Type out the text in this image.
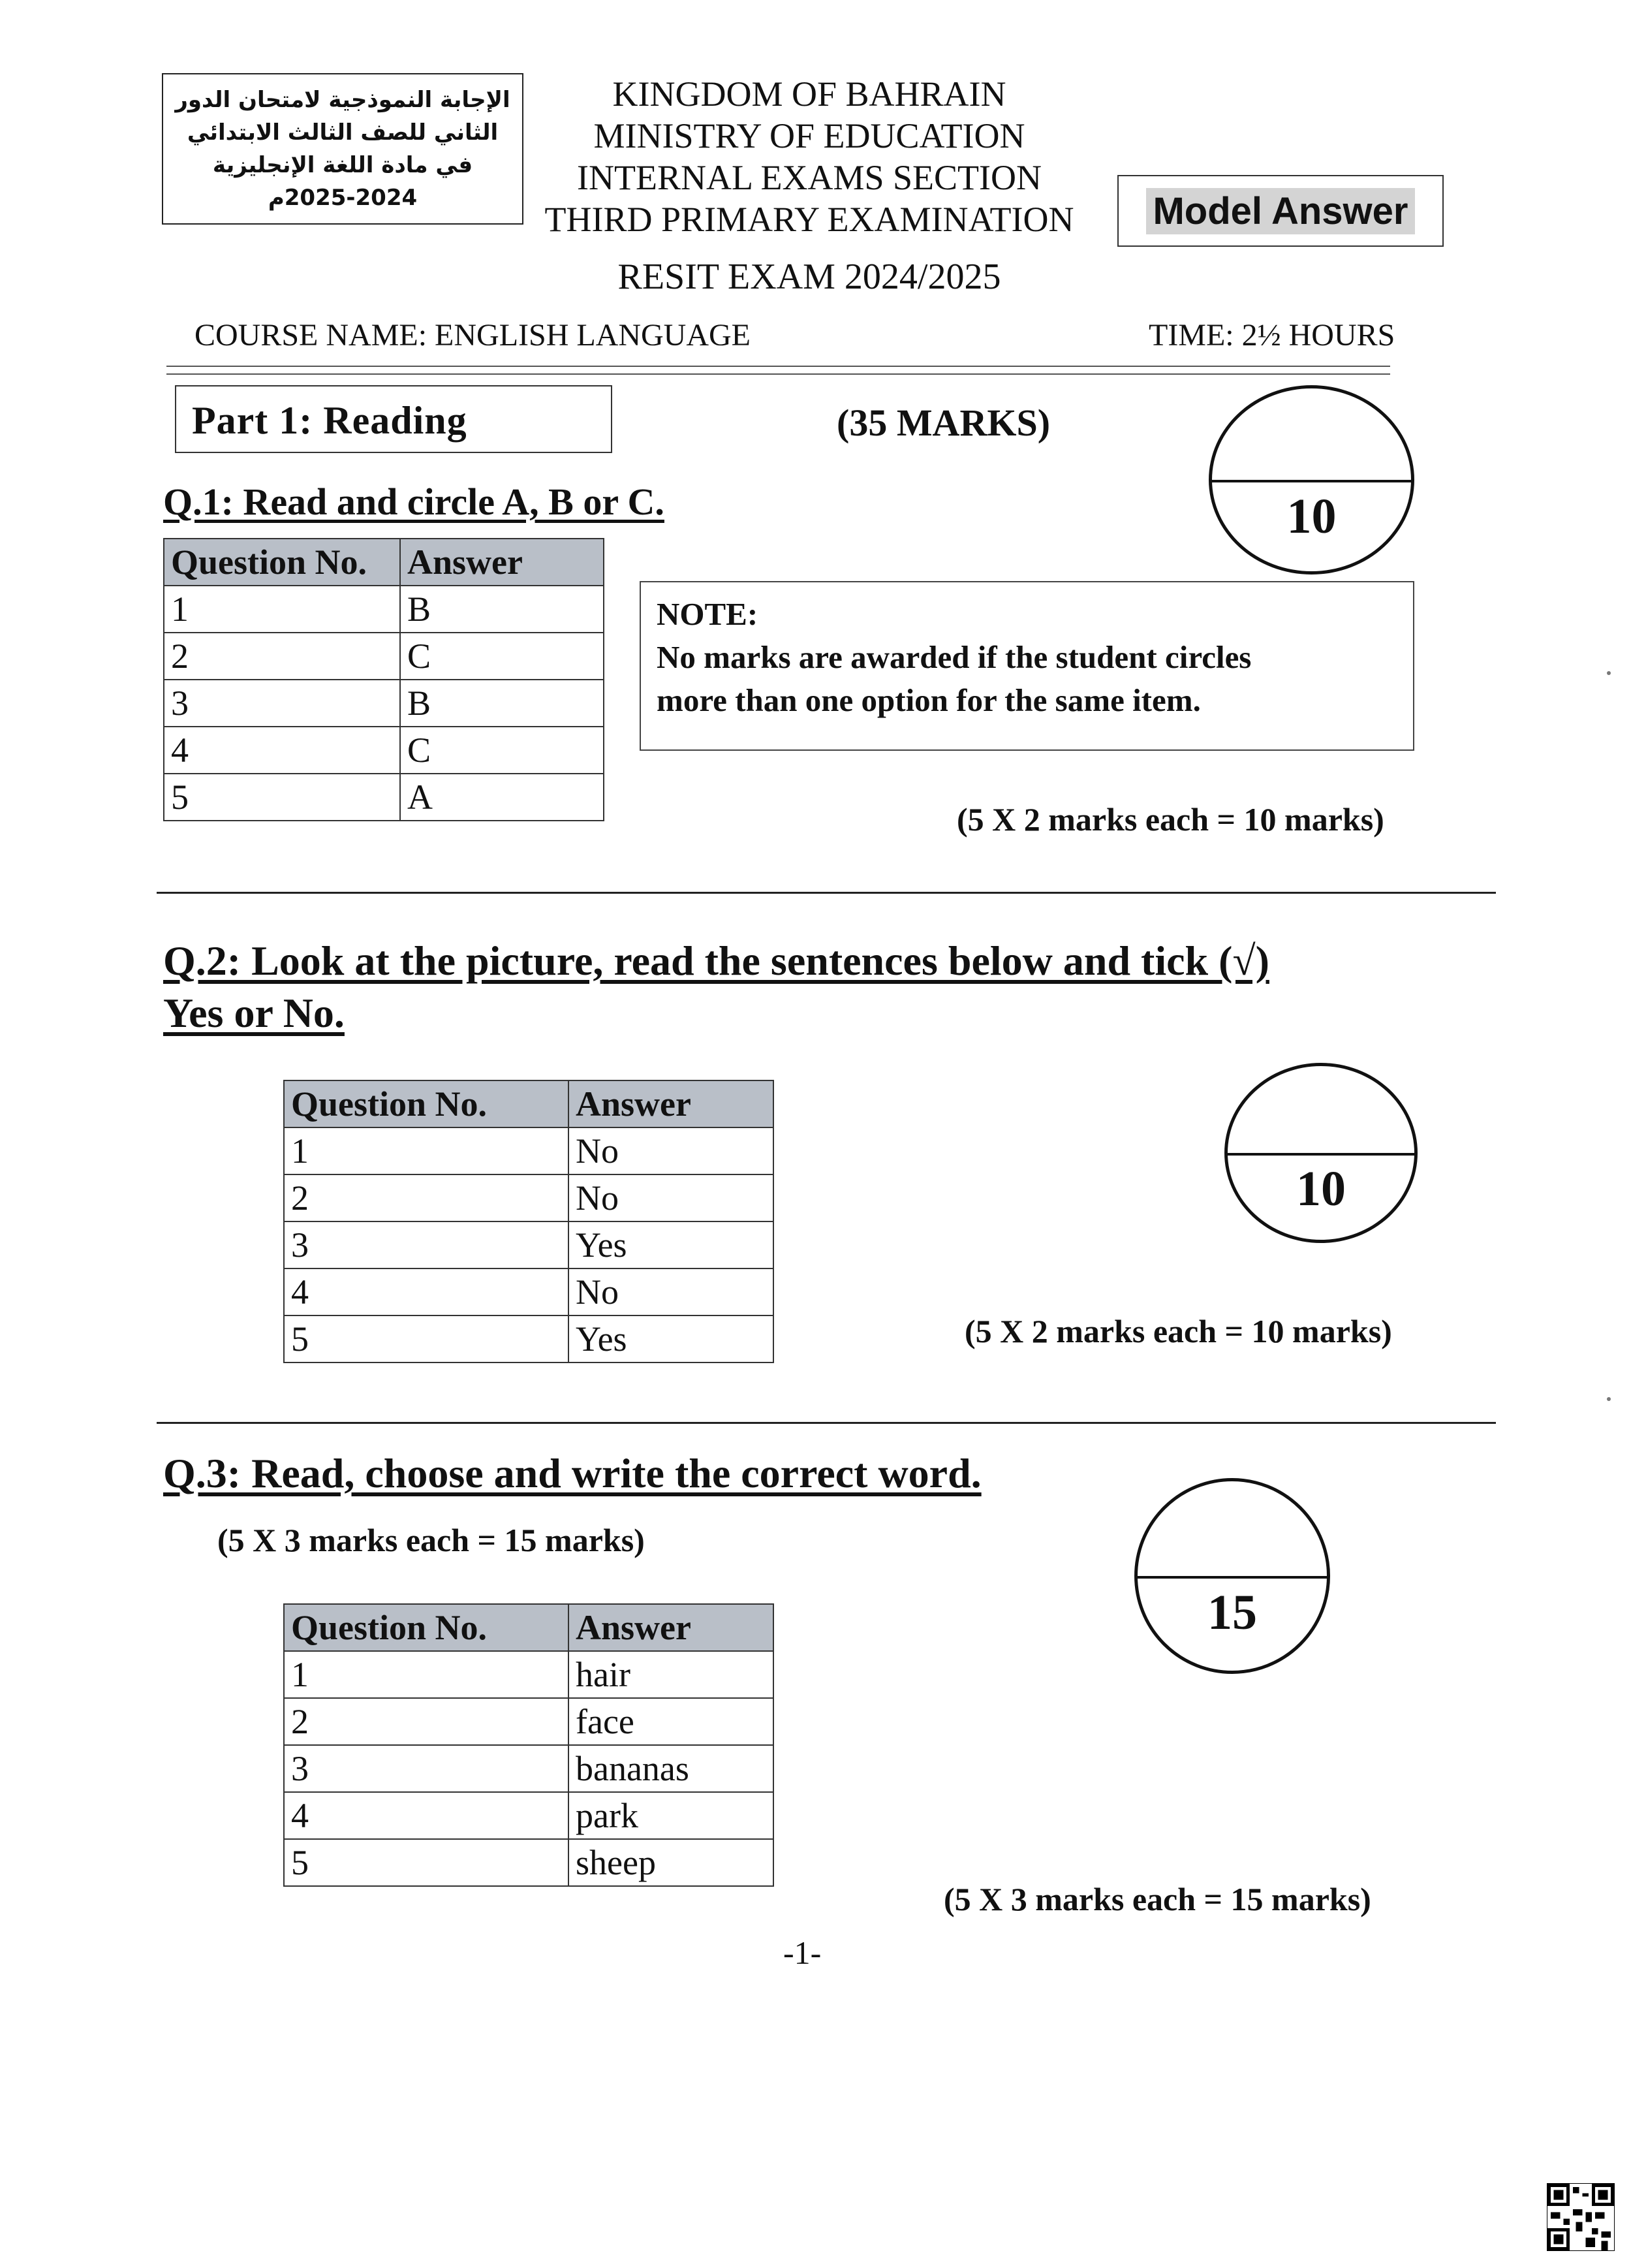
الإجابة النموذجية لامتحان الدور
الثاني للصف الثالث الابتدائي
في مادة اللغة الإنجليزية
2025-2024م
KINGDOM OF BAHRAIN
MINISTRY OF EDUCATION
INTERNAL EXAMS SECTION
THIRD PRIMARY EXAMINATION	Model Answer
RESIT EXAM 2024/2025
COURSE NAME: ENGLISH LANGUAGE	TIME: 2½ HOURS
Part 1: Reading	(35 MARKS)
10
Q.1: Read and circle A, B or C.
Question No.	Answer
1	B
2	C
3	B
4	C
5	A
NOTE:
No marks are awarded if the student circles
more than one option for the same item.
(5 X 2 marks each = 10 marks)
Q.2: Look at the picture, read the sentences below and tick (√)
Yes or No.
10
Question No.	Answer
1	No
2	No
3	Yes
4	No
5	Yes	(5 X 2 marks each = 10 marks)
Q.3: Read, choose and write the correct word.
(5 X 3 marks each = 15 marks)
15
Question No.	Answer
1	hair
2	face
3	bananas
4	park
5	sheep
(5 X 3 marks each = 15 marks)
-1-
